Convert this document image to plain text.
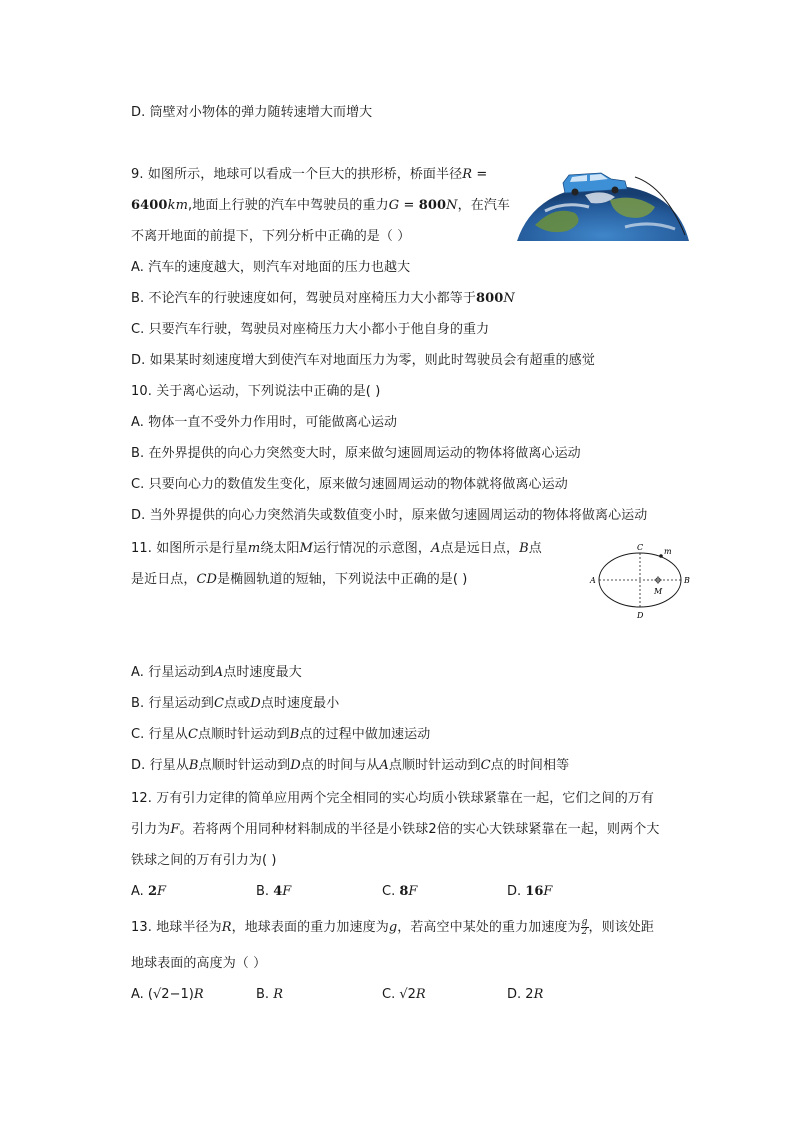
D. 筒壁对小物体的弹力随转速增大而增大
9. 如图所示，地球可以看成一个巨大的拱形桥，桥面半径R =
6400km,地面上行驶的汽车中驾驶员的重力G = 800N，在汽车
不离开地面的前提下，下列分析中正确的是（ ）
A. 汽车的速度越大，则汽车对地面的压力也越大
B. 不论汽车的行驶速度如何，驾驶员对座椅压力大小都等于800N
C. 只要汽车行驶，驾驶员对座椅压力大小都小于他自身的重力
D. 如果某时刻速度增大到使汽车对地面压力为零，则此时驾驶员会有超重的感觉
10. 关于离心运动，下列说法中正确的是( )
A. 物体一直不受外力作用时，可能做离心运动
B. 在外界提供的向心力突然变大时，原来做匀速圆周运动的物体将做离心运动
C. 只要向心力的数值发生变化，原来做匀速圆周运动的物体就将做离心运动
D. 当外界提供的向心力突然消失或数值变小时，原来做匀速圆周运动的物体将做离心运动
11. 如图所示是行星m绕太阳M运行情况的示意图，A点是远日点，B点
是近日点，CD是椭圆轨道的短轴，下列说法中正确的是( )
C
D
A	B
M
m
A. 行星运动到A点时速度最大
B. 行星运动到C点或D点时速度最小
C. 行星从C点顺时针运动到B点的过程中做加速运动
D. 行星从B点顺时针运动到D点的时间与从A点顺时针运动到C点的时间相等
12. 万有引力定律的简单应用两个完全相同的实心均质小铁球紧靠在一起，它们之间的万有
引力为F。若将两个用同种材料制成的半径是小铁球2倍的实心大铁球紧靠在一起，则两个大
铁球之间的万有引力为( )
A. 2F	B. 4F	C. 8F	D. 16F
13. 地球半径为R，地球表面的重力加速度为g，若高空中某处的重力加速度为 $\frac{g}{2}$ ，则该处距
地球表面的高度为（ ）
A. (√2−1)R	B. R	C. √2R	D. 2R
